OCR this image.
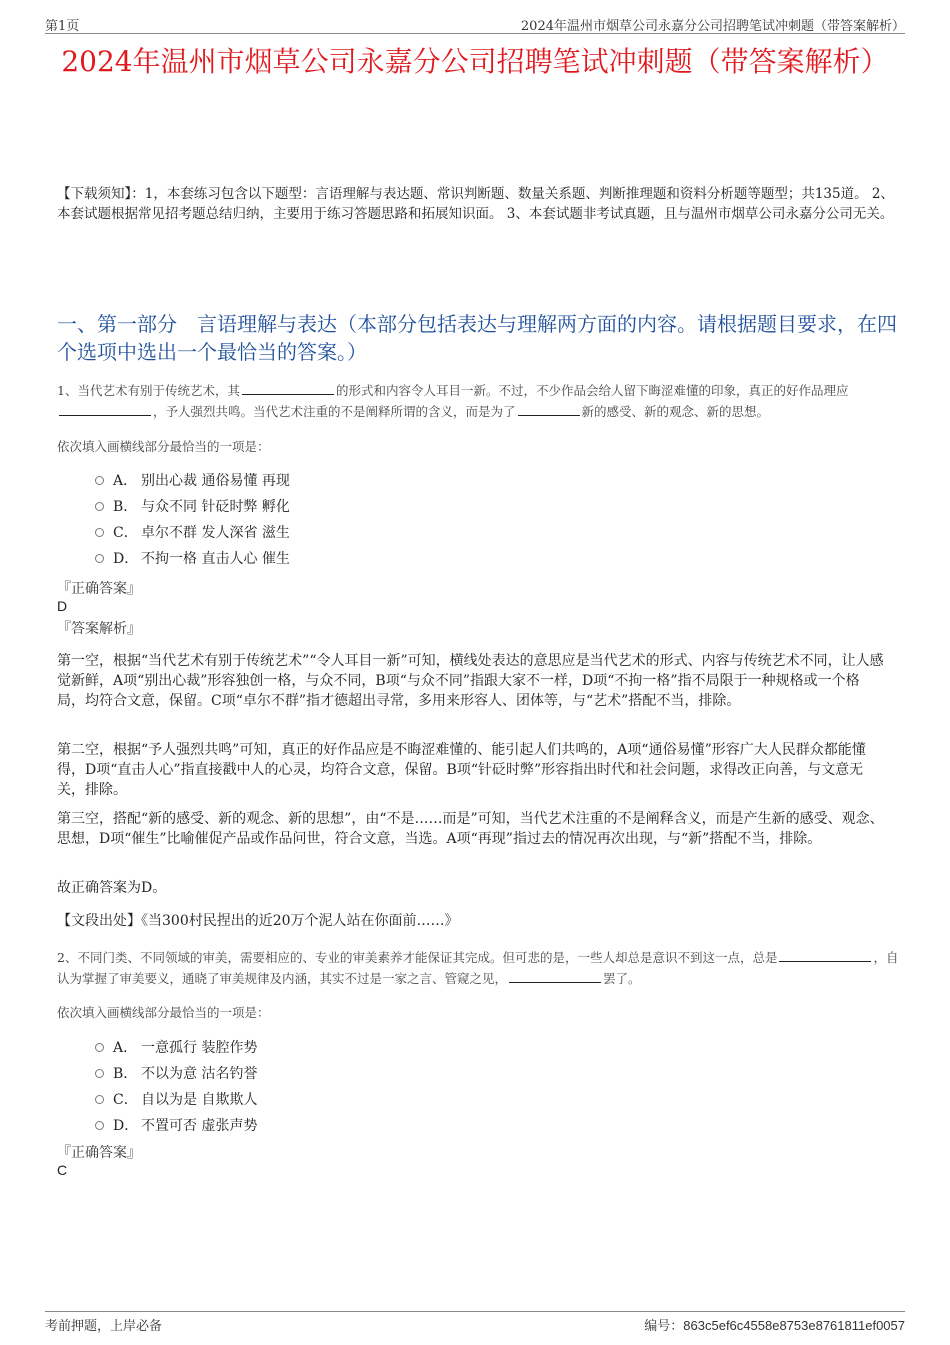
第1页	2024年温州市烟草公司永嘉分公司招聘笔试冲刺题（带答案解析）
2024年温州市烟草公司永嘉分公司招聘笔试冲刺题（带答案解析）
【下载须知】：1，本套练习包含以下题型：言语理解与表达题、常识判断题、数量关系题、判断推理题和资料分析题等题型；共135道。 2、本套试题根据常见招考题总结归纳，主要用于练习答题思路和拓展知识面。 3、本套试题非考试真题，且与温州市烟草公司永嘉分公司无关。
一、第一部分　言语理解与表达（本部分包括表达与理解两方面的内容。请根据题目要求，在四个选项中选出一个最恰当的答案。）
1、当代艺术有别于传统艺术，其	的形式和内容令人耳目一新。不过，不少作品会给人留下晦涩难懂的印象，真正的好作品理应，予人强烈共鸣。当代艺术注重的不是阐释所谓的含义，而是为了	新的感受、新的观念、新的思想。
依次填入画横线部分最恰当的一项是：
A． 别出心裁 通俗易懂 再现
B． 与众不同 针砭时弊 孵化
C． 卓尔不群 发人深省 滋生
D． 不拘一格 直击人心 催生
『正确答案』
D
『答案解析』
第一空，根据“当代艺术有别于传统艺术”“令人耳目一新”可知，横线处表达的意思应是当代艺术的形式、内容与传统艺术不同，让人感觉新鲜，A项“别出心裁”形容独创一格，与众不同，B项“与众不同”指跟大家不一样，D项“不拘一格”指不局限于一种规格或一个格局，均符合文意，保留。C项“卓尔不群”指才德超出寻常，多用来形容人、团体等，与“艺术”搭配不当，排除。
第二空，根据“予人强烈共鸣”可知，真正的好作品应是不晦涩难懂的、能引起人们共鸣的，A项“通俗易懂”形容广大人民群众都能懂得，D项“直击人心”指直接戳中人的心灵，均符合文意，保留。B项“针砭时弊”形容指出时代和社会问题，求得改正向善，与文意无关，排除。
第三空，搭配“新的感受、新的观念、新的思想”，由“不是……而是”可知，当代艺术注重的不是阐释含义，而是产生新的感受、观念、思想，D项“催生”比喻催促产品或作品问世，符合文意，当选。A项“再现”指过去的情况再次出现，与“新”搭配不当，排除。
故正确答案为D。
【文段出处】《当300村民捏出的近20万个泥人站在你面前……》
2、不同门类、不同领域的审美，需要相应的、专业的审美素养才能保证其完成。但可悲的是，一些人却总是意识不到这一点，总是	，自认为掌握了审美要义，通晓了审美规律及内涵，其实不过是一家之言、管窥之见，	罢了。
依次填入画横线部分最恰当的一项是：
A． 一意孤行 装腔作势
B． 不以为意 沽名钓誉
C． 自以为是 自欺欺人
D． 不置可否 虚张声势
『正确答案』
C
考前押题，上岸必备	编号：863c5ef6c4558e8753e8761811ef0057
